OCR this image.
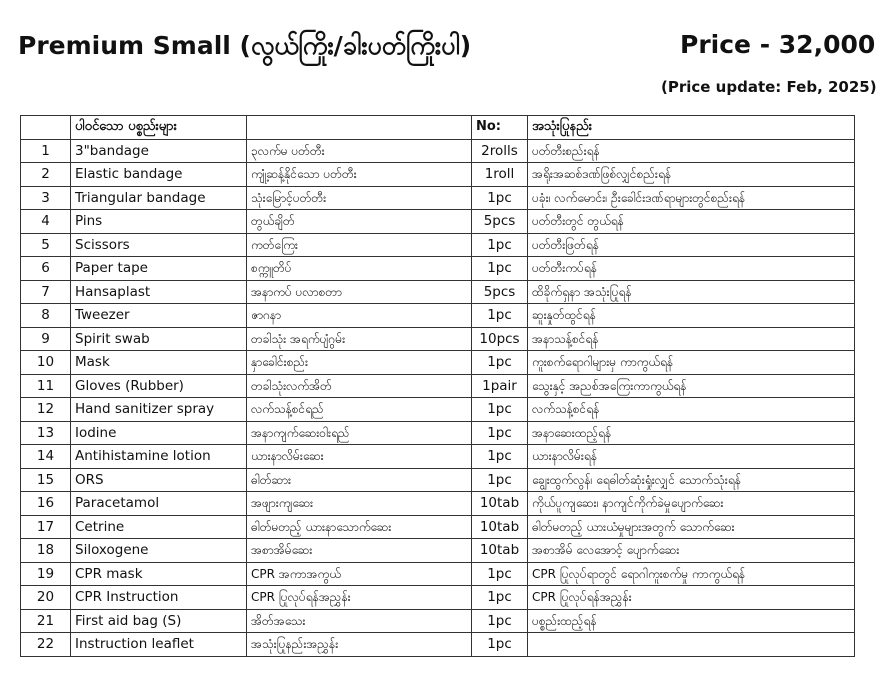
Premium Small (လွယ်ကြိုး/ခါးပတ်ကြိုးပါ)	Price - 32,000
(Price update: Feb, 2025)
	ပါဝင်သော ပစ္စည်းများ		No:	အသုံးပြုနည်း
1	3"bandage	၃လက်မ ပတ်တီး	2rolls	ပတ်တီးစည်းရန်
2	Elastic bandage	ကျုံ့ဆန့်နိုင်သော ပတ်တီး	1roll	အရိုးအဆစ်ဒဏ်ဖြစ်လျှင်စည်းရန်
3	Triangular bandage	သုံးမြောင့်ပတ်တီး	1pc	ပခုံး၊ လက်မောင်း၊ ဦးခေါင်းဒဏ်ရာများတွင်စည်းရန်
4	Pins	တွယ်ချိတ်	5pcs	ပတ်တီးတွင် တွယ်ရန်
5	Scissors	ကတ်ကြေး	1pc	ပတ်တီးဖြတ်ရန်
6	Paper tape	စက္ကူတိပ်	1pc	ပတ်တီးကပ်ရန်
7	Hansaplast	အနာကပ် ပလာစတာ	5pcs	ထိခိုက်ရှနာ အသုံးပြုရန်
8	Tweezer	ဇာဂနာ	1pc	ဆူးနှုတ်ထွင်ရန်
9	Spirit swab	တခါသုံး အရက်ပျံဂွမ်း	10pcs	အနာသန့်စင်ရန်
10	Mask	နှာခေါင်းစည်း	1pc	ကူးစက်ရောဂါများမှ ကာကွယ်ရန်
11	Gloves (Rubber)	တခါသုံးလက်အိတ်	1pair	သွေးနှင့် အညစ်အကြေးကာကွယ်ရန်
12	Hand sanitizer spray	လက်သန့်စင်ရည်	1pc	လက်သန့်စင်ရန်
13	Iodine	အနာကျက်ဆေးဝါးရည်	1pc	အနာဆေးထည့်ရန်
14	Antihistamine lotion	ယားနာလိမ်းဆေး	1pc	ယားနာလိမ်းရန်
15	ORS	ဓါတ်ဆား	1pc	ချွေးထွက်လွန်၊ ရေဓါတ်ဆုံးရှုံးလျှင် သောက်သုံးရန်
16	Paracetamol	အဖျားကျဆေး	10tab	ကိုယ်ပူကျဆေး၊ နာကျင်ကိုက်ခဲမှုပျောက်ဆေး
17	Cetrine	ဓါတ်မတည့် ယားနာသောက်ဆေး	10tab	ဓါတ်မတည့် ယားယံမှုများအတွက် သောက်ဆေး
18	Siloxogene	အစာအိမ်ဆေး	10tab	အစာအိမ် လေအောင့် ပျောက်ဆေး
19	CPR mask	CPR အကာအကွယ်	1pc	CPR ပြုလုပ်ရာတွင် ရောဂါကူးစက်မှု ကာကွယ်ရန်
20	CPR Instruction	CPR ပြုလုပ်ရန်အညွှန်း	1pc	CPR ပြုလုပ်ရန်အညွှန်း
21	First aid bag (S)	အိတ်အသေး	1pc	ပစ္စည်းထည့်ရန်
22	Instruction leaflet	အသုံးပြုနည်းအညွှန်း	1pc	
